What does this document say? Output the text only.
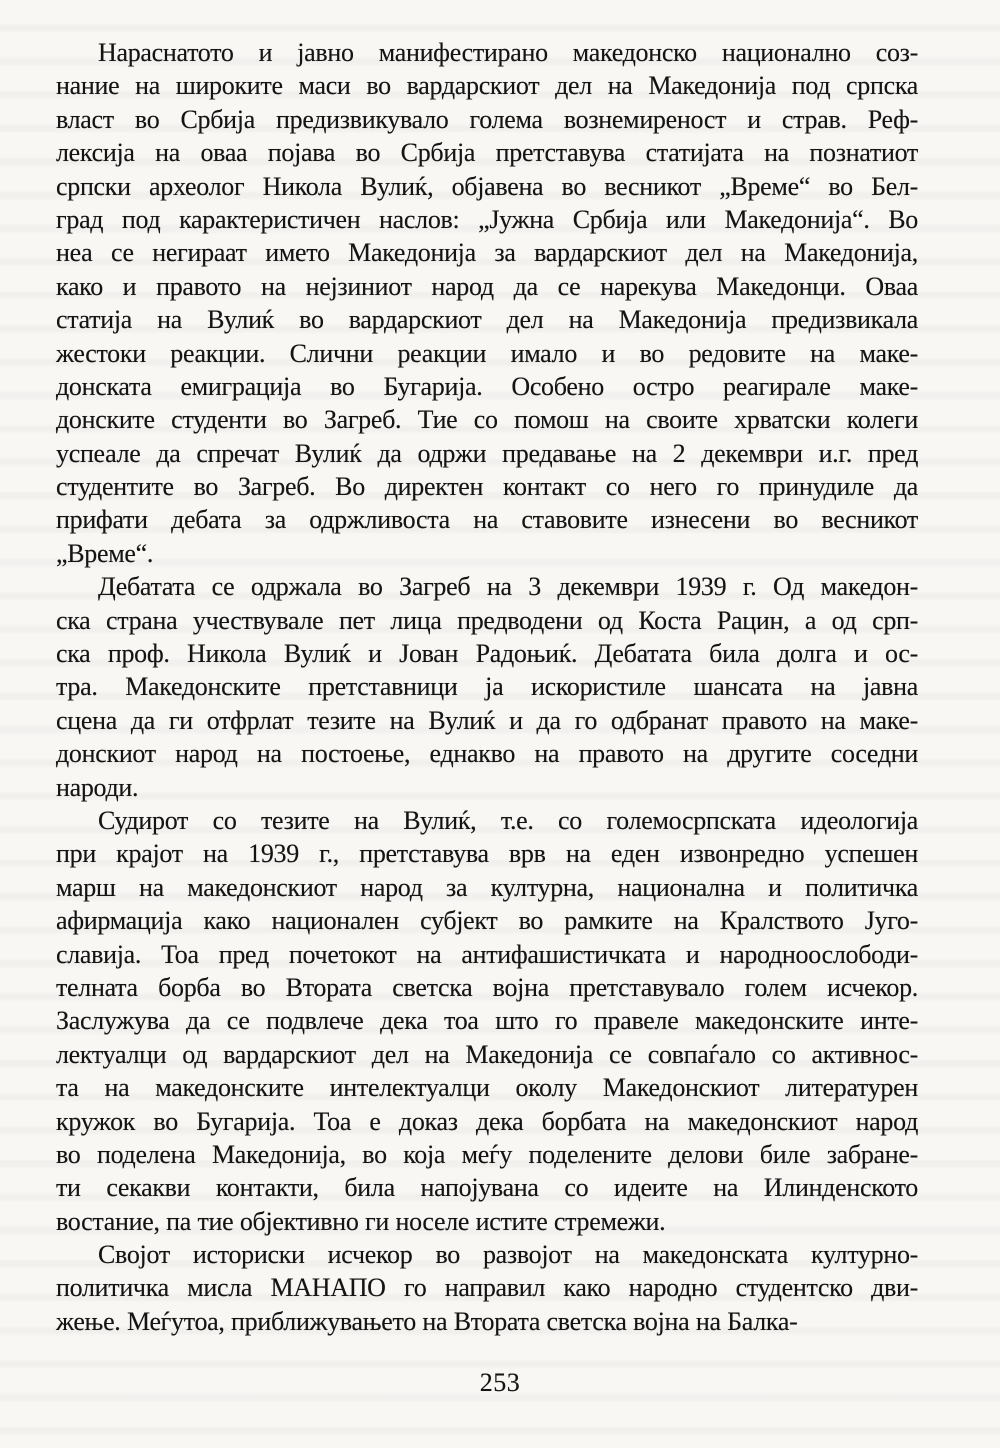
Нараснатото и јавно манифестирано македонско национално соз-
нание на широките маси во вардарскиот дел на Македонија под српска
власт во Србија предизвикувало голема вознемиреност и страв. Реф-
лексија на оваа појава во Србија претставува статијата на познатиот
српски археолог Никола Вулиќ, објавена во весникот „Време“ во Бел-
град под карактеристичен наслов: „Јужна Србија или Македонија“. Во
неа се негираат името Македонија за вардарскиот дел на Македонија,
како и правото на нејзиниот народ да се нарекува Македонци. Оваа
статија на Вулиќ во вардарскиот дел на Македонија предизвикала
жестоки реакции. Слични реакции имало и во редовите на маке-
донската емиграција во Бугарија. Особено остро реагирале маке-
донските студенти во Загреб. Тие со помош на своите хрватски колеги
успеале да спречат Вулиќ да одржи предавање на 2 декември и.г. пред
студентите во Загреб. Во директен контакт со него го принудиле да
прифати дебата за одржливоста на ставовите изнесени во весникот
„Време“.
Дебатата се одржала во Загреб на 3 декември 1939 г. Од македон-
ска страна учествувале пет лица предводени од Коста Рацин, а од срп-
ска проф. Никола Вулиќ и Јован Радоњиќ. Дебатата била долга и ос-
тра. Македонските претставници ја искористиле шансата на јавна
сцена да ги отфрлат тезите на Вулиќ и да го одбранат правото на маке-
донскиот народ на постоење, еднакво на правото на другите соседни
народи.
Судирот со тезите на Вулиќ, т.е. со големосрпската идеологија
при крајот на 1939 г., претставува врв на еден извонредно успешен
марш на македонскиот народ за културна, национална и политичка
афирмација како национален субјект во рамките на Кралството Југо-
славија. Тоа пред почетокот на антифашистичката и народноослободи-
телната борба во Втората светска војна претставувало голем исчекор.
Заслужува да се подвлече дека тоа што го правеле македонските инте-
лектуалци од вардарскиот дел на Македонија се совпаѓало со активнос-
та на македонските интелектуалци околу Македонскиот литературен
кружок во Бугарија. Тоа е доказ дека борбата на македонскиот народ
во поделена Македонија, во која меѓу поделените делови биле забране-
ти секакви контакти, била напојувана со идеите на Илинденското
востание, па тие објективно ги носеле истите стремежи.
Својот историски исчекор во развојот на македонската културно-
политичка мисла МАНАПО го направил како народно студентско дви-
жење. Меѓутоа, приближувањето на Втората светска војна на Балка-
253
